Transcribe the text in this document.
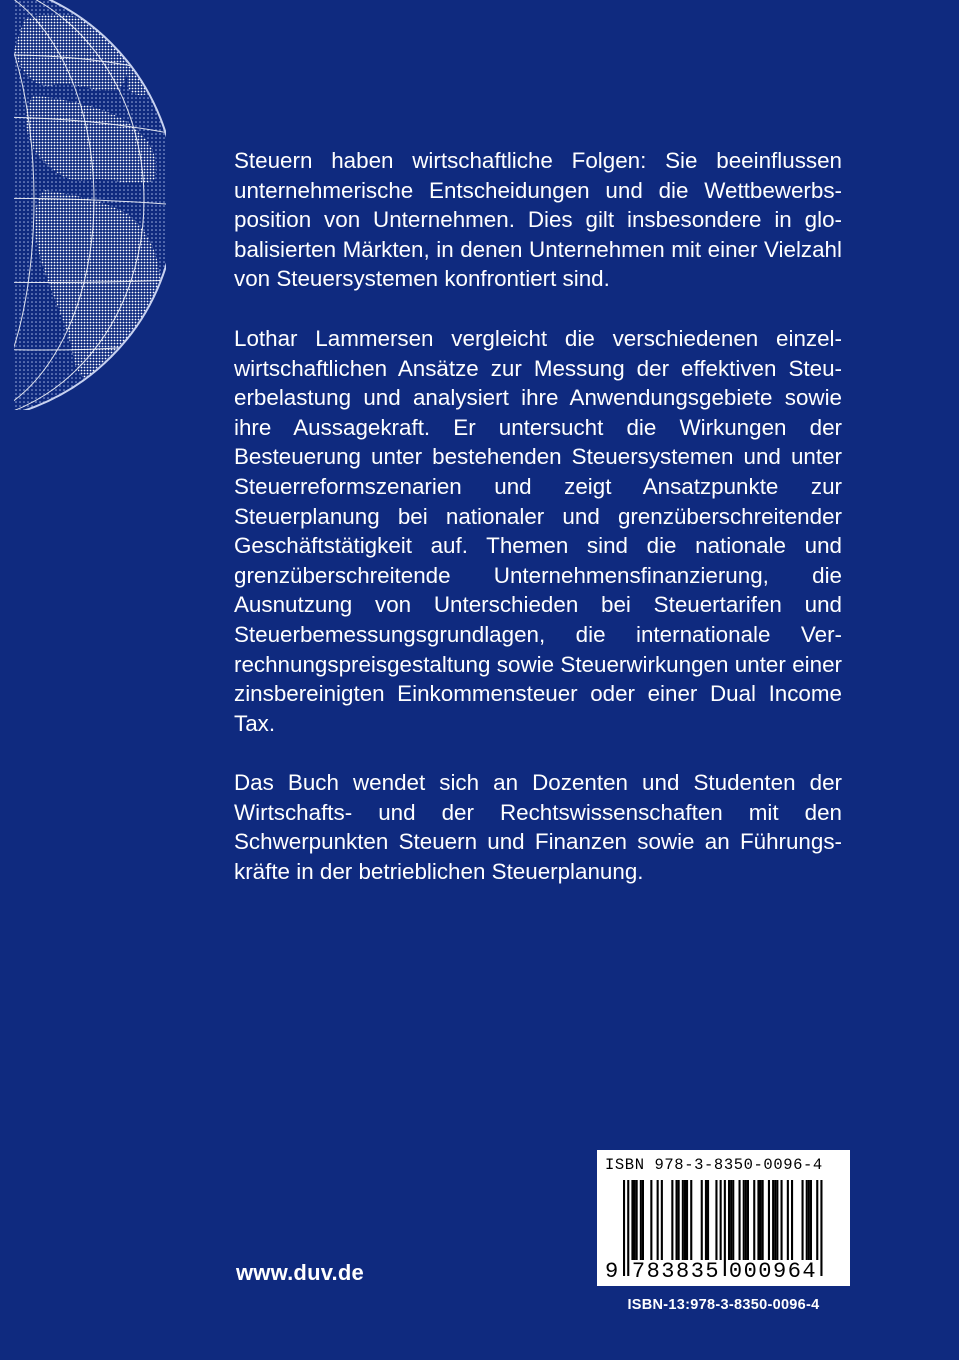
Steuern haben wirtschaftliche Folgen: Sie beeinflussen unternehmerische Entscheidungen und die Wettbewerbsposition von Unternehmen. Dies gilt insbesondere in globalisierten Märkten, in denen Unternehmen mit einer Vielzahl von Steuersystemen konfrontiert sind.

Lothar Lammersen vergleicht die verschiedenen einzelwirtschaftlichen Ansätze zur Messung der effektiven Steuerbelastung und analysiert ihre Anwendungsgebiete sowie ihre Aussagekraft. Er untersucht die Wirkungen der Besteuerung unter bestehenden Steuersystemen und unter Steuerreformszenarien und zeigt Ansatzpunkte zur Steuerplanung bei nationaler und grenzüberschreitender Geschäftstätigkeit auf. Themen sind die nationale und grenzüberschreitende Unternehmensfinanzierung, die Ausnutzung von Unterschieden bei Steuertarifen und Steuerbemessungsgrundlagen, die internationale Verrechnungspreisgestaltung sowie Steuerwirkungen unter einer zinsbereinigten Einkommensteuer oder einer Dual Income Tax.

Das Buch wendet sich an Dozenten und Studenten der Wirtschafts- und der Rechtswissenschaften mit den Schwerpunkten Steuern und Finanzen sowie an Führungskräfte in der betrieblichen Steuerplanung.

www.duv.de
ISBN 978-3-8350-0096-4
9 783835 000964
ISBN-13:978-3-8350-0096-4
